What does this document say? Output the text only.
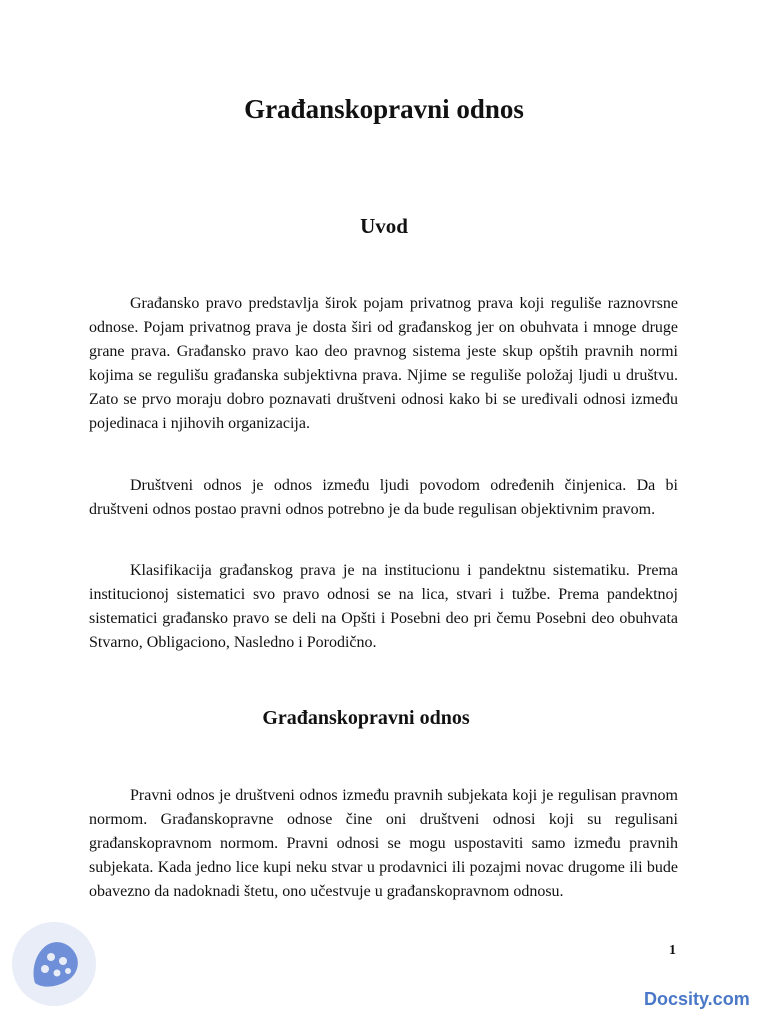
Građanskopravni odnos
Uvod

Građansko pravo predstavlja širok pojam privatnog prava koji reguliše raznovrsne odnose. Pojam privatnog prava je dosta širi od građanskog jer on obuhvata i mnoge druge grane prava. Građansko pravo kao deo pravnog sistema jeste skup opštih pravnih normi kojima se regulišu građanska subjektivna prava. Njime se reguliše položaj ljudi u društvu. Zato se prvo moraju dobro poznavati društveni odnosi kako bi se uređivali odnosi između pojedinaca i njihovih organizacija.

Društveni odnos je odnos između ljudi povodom određenih činjenica. Da bi društveni odnos postao pravni odnos potrebno je da bude regulisan objektivnim pravom.

Klasifikacija građanskog prava je na institucionu i pandektnu sistematiku. Prema institucionoj sistematici svo pravo odnosi se na lica, stvari i tužbe. Prema pandektnoj sistematici građansko pravo se deli na Opšti i Posebni deo pri čemu Posebni deo obuhvata Stvarno, Obligaciono, Nasledno i Porodično.

Građanskopravni odnos

Pravni odnos je društveni odnos između pravnih subjekata koji je regulisan pravnom normom. Građanskopravne odnose čine oni društveni odnosi koji su regulisani građanskopravnom normom. Pravni odnosi se mogu uspostaviti samo između pravnih subjekata. Kada jedno lice kupi neku stvar u prodavnici ili pozajmi novac drugome ili bude obavezno da nadoknadi štetu, ono učestvuje u građanskopravnom odnosu.

1
Docsity.com
